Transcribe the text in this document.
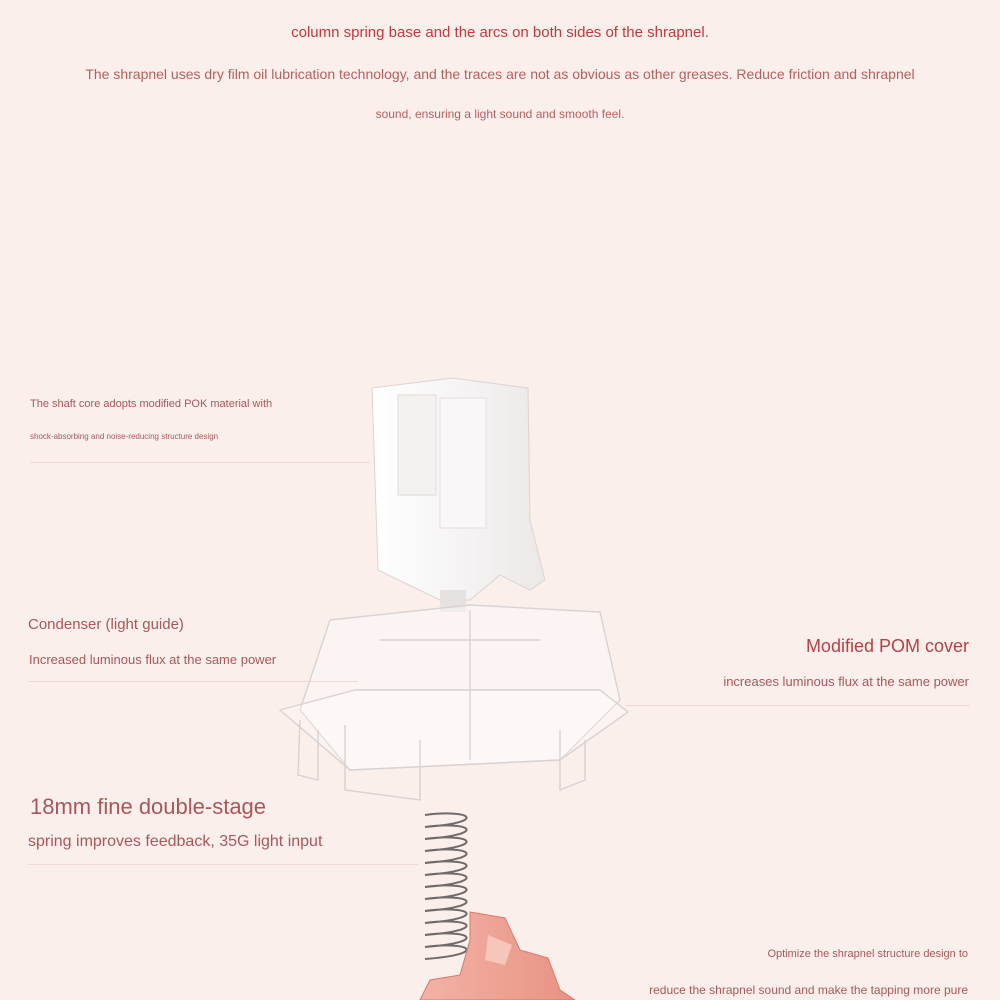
column spring base and the arcs on both sides of the shrapnel.
The shrapnel uses dry film oil lubrication technology, and the traces are not as obvious as other greases. Reduce friction and shrapnel
sound, ensuring a light sound and smooth feel.
The shaft core adopts modified POK material with
shock-absorbing and noise-reducing structure design
Condenser (light guide)
Increased luminous flux at the same power
Modified POM cover
increases luminous flux at the same power
18mm fine double-stage
spring improves feedback, 35G light input
Optimize the shrapnel structure design to
reduce the shrapnel sound and make the tapping more pure
